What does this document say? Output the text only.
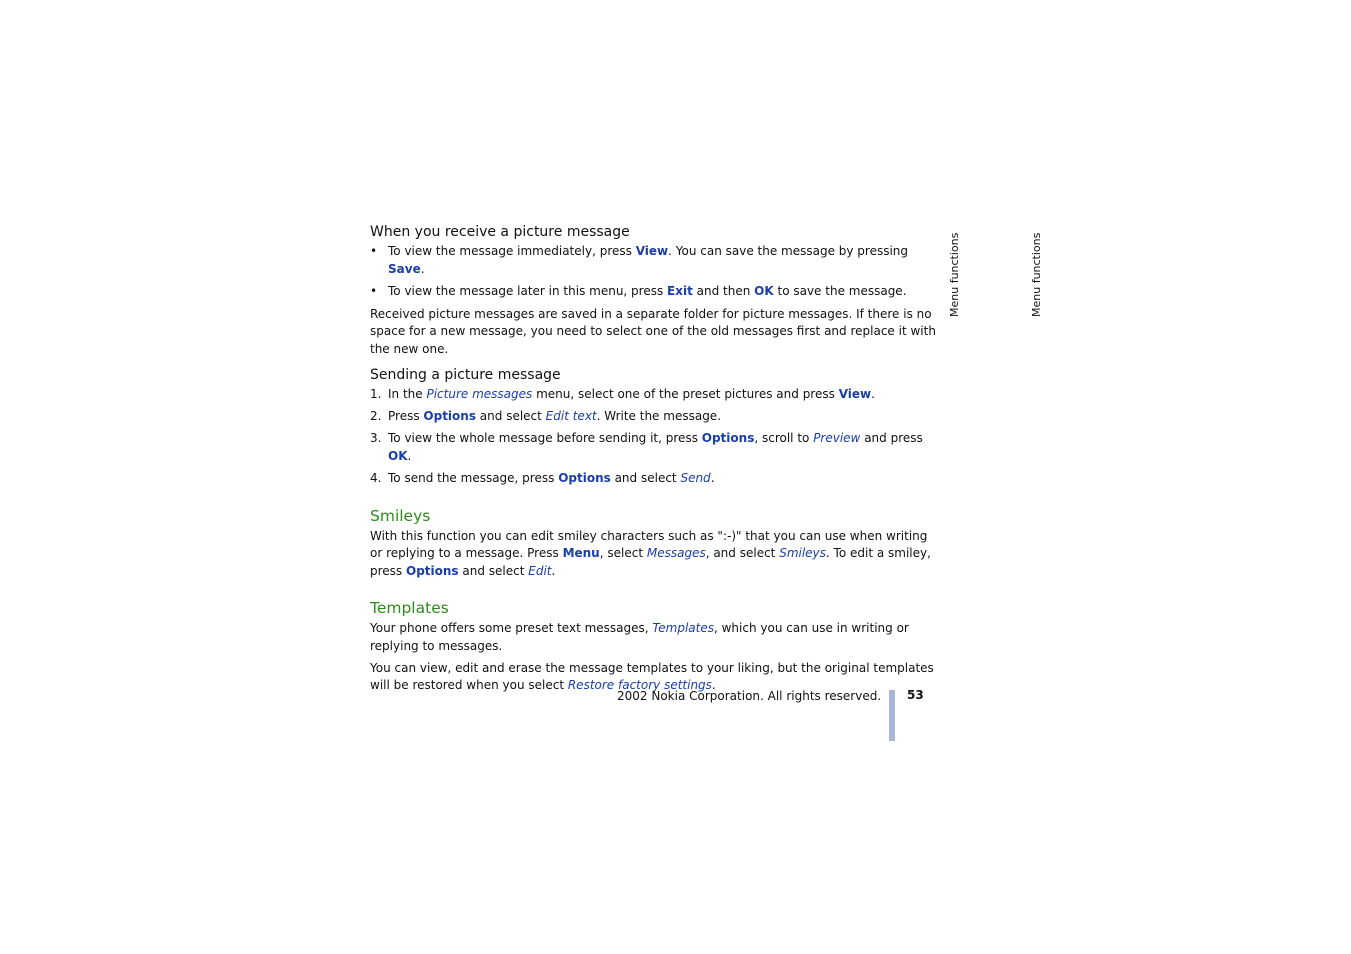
Menu functions	Menu functions
When you receive a picture message
• To view the message immediately, press View. You can save the message by pressing Save.
• To view the message later in this menu, press Exit and then OK to save the message.

Received picture messages are saved in a separate folder for picture messages. If there is no space for a new message, you need to select one of the old messages first and replace it with the new one.

Sending a picture message
1. In the Picture messages menu, select one of the preset pictures and press View.
2. Press Options and select Edit text. Write the message.
3. To view the whole message before sending it, press Options, scroll to Preview and press OK.
4. To send the message, press Options and select Send.
Smileys

With this function you can edit smiley characters such as ":-)" that you can use when writing or replying to a message. Press Menu, select Messages, and select Smileys. To edit a smiley, press Options and select Edit.

Templates

Your phone offers some preset text messages, Templates, which you can use in writing or replying to messages.

You can view, edit and erase the message templates to your liking, but the original templates will be restored when you select Restore factory settings.

2002 Nokia Corporation. All rights reserved. 53
